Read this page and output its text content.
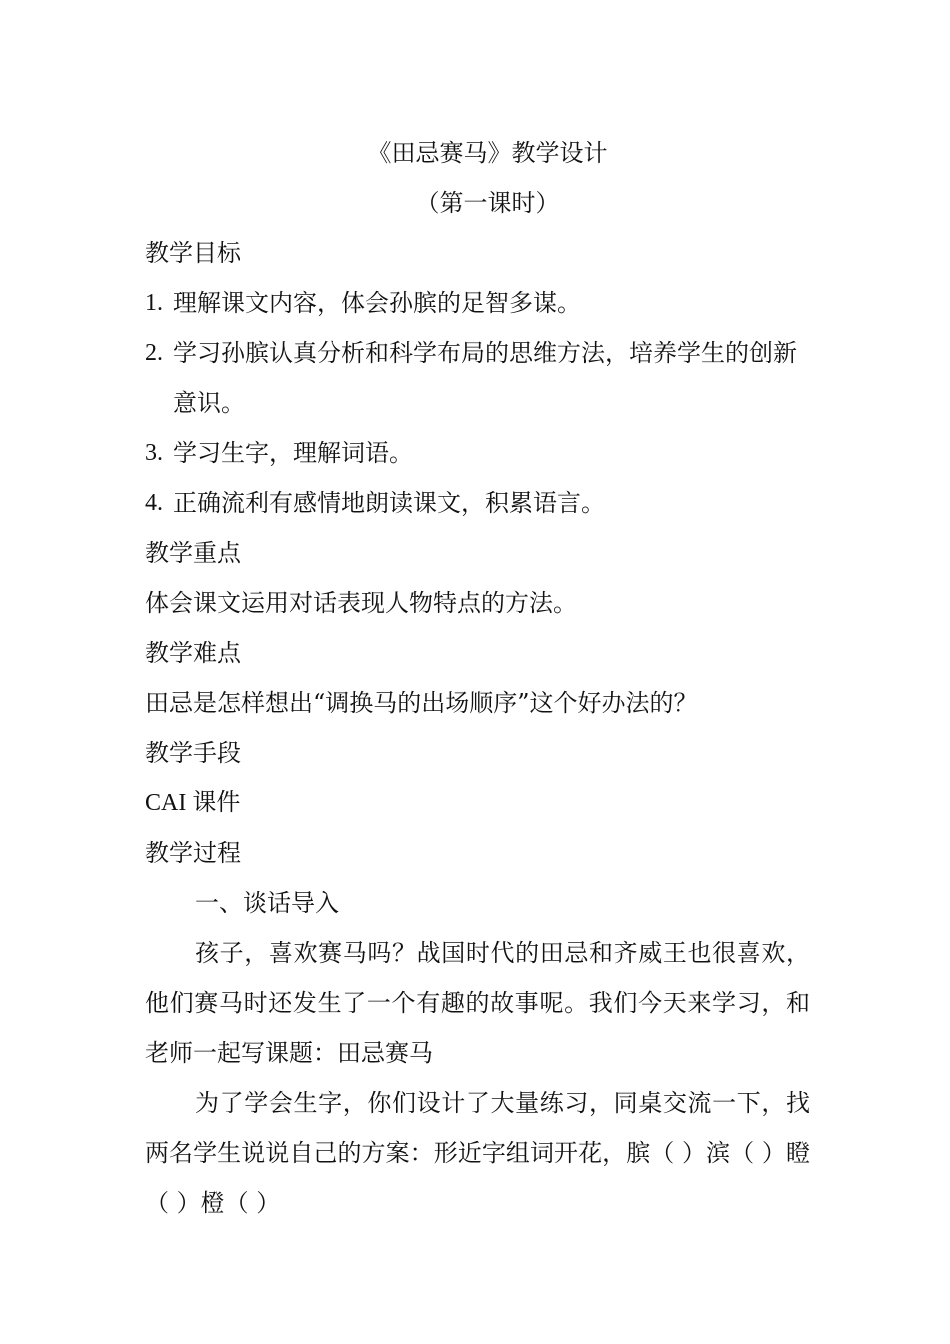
《田忌赛马》教学设计

（第一课时）

教学目标

1. 理解课文内容，体会孙膑的足智多谋。
2. 学习孙膑认真分析和科学布局的思维方法，培养学生的创新意识。
3. 学习生字，理解词语。
4. 正确流利有感情地朗读课文，积累语言。

教学重点

体会课文运用对话表现人物特点的方法。

教学难点

田忌是怎样想出“调换马的出场顺序”这个好办法的？

教学手段

CAI 课件

教学过程

一、谈话导入

孩子，喜欢赛马吗？战国时代的田忌和齐威王也很喜欢，他们赛马时还发生了一个有趣的故事呢。我们今天来学习，和老师一起写课题：田忌赛马

为了学会生字，你们设计了大量练习，同桌交流一下，找两名学生说说自己的方案：形近字组词开花，膑（ ）滨（ ）瞪（ ）橙（ ）
